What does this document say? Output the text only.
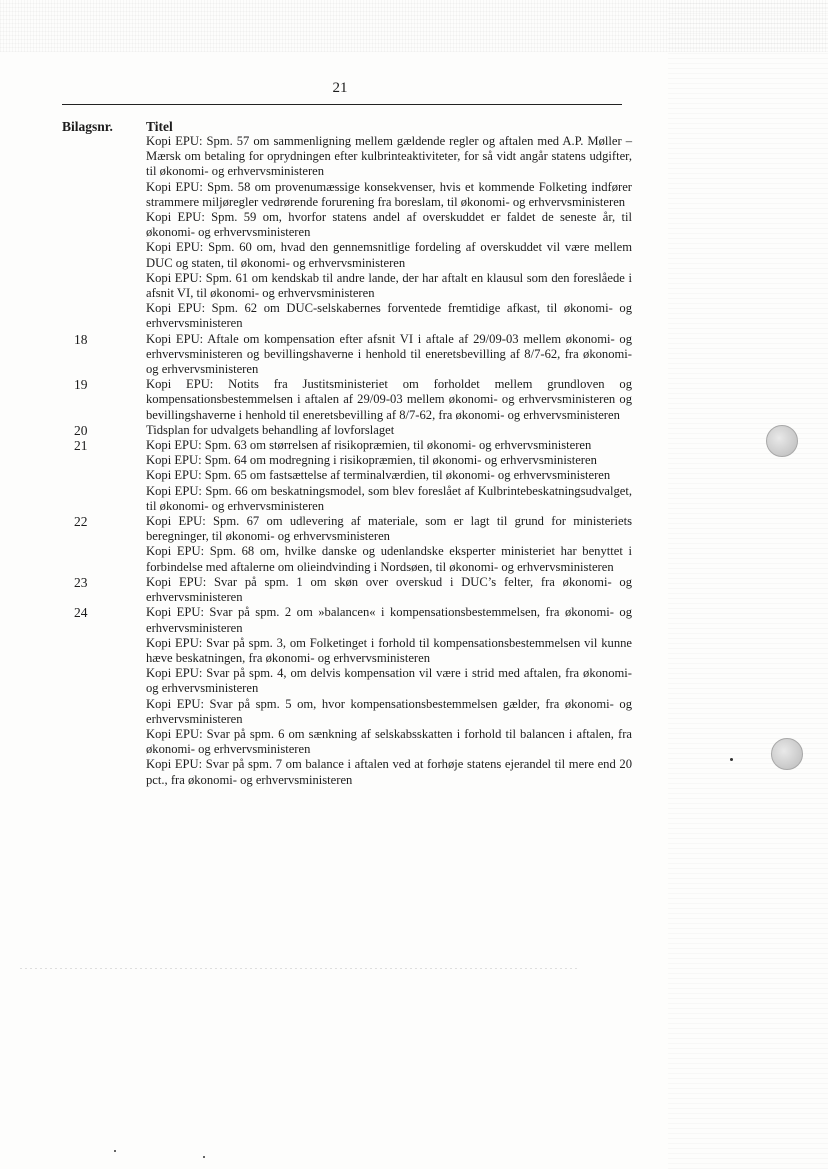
21
Bilagsnr. Titel
Kopi EPU: Spm. 57 om sammenligning mellem gældende regler og aftalen med A.P. Møller – Mærsk om betaling for oprydningen efter kulbrinteaktiviteter, for så vidt angår statens udgifter, til økonomi- og erhvervsministeren
Kopi EPU: Spm. 58 om provenumæssige konsekvenser, hvis et kommende Folketing indfører strammere miljøregler vedrørende forurening fra boreslam, til økonomi- og erhvervsministeren
Kopi EPU: Spm. 59 om, hvorfor statens andel af overskuddet er faldet de seneste år, til økonomi- og erhvervsministeren
Kopi EPU: Spm. 60 om, hvad den gennemsnitlige fordeling af overskuddet vil være mellem DUC og staten, til økonomi- og erhvervsministeren
Kopi EPU: Spm. 61 om kendskab til andre lande, der har aftalt en klausul som den foreslåede i afsnit VI, til økonomi- og erhvervsministeren
Kopi EPU: Spm. 62 om DUC-selskabernes forventede fremtidige afkast, til økonomi- og erhvervsministeren
18	Kopi EPU: Aftale om kompensation efter afsnit VI i aftale af 29/09-03 mellem økonomi- og erhvervsministeren og bevillingshaverne i henhold til eneretsbevilling af 8/7-62, fra økonomi- og erhvervsministeren
19	Kopi EPU: Notits fra Justitsministeriet om forholdet mellem grundloven og kompensationsbestemmelsen i aftalen af 29/09-03 mellem økonomi- og erhvervsministeren og bevillingshaverne i henhold til eneretsbevilling af 8/7-62, fra økonomi- og erhvervsministeren
20	Tidsplan for udvalgets behandling af lovforslaget
21	Kopi EPU: Spm. 63 om størrelsen af risikopræmien, til økonomi- og erhvervsministeren
Kopi EPU: Spm. 64 om modregning i risikopræmien, til økonomi- og erhvervsministeren
Kopi EPU: Spm. 65 om fastsættelse af terminalværdien, til økonomi- og erhvervsministeren
Kopi EPU: Spm. 66 om beskatningsmodel, som blev foreslået af Kulbrintebeskatningsudvalget, til økonomi- og erhvervsministeren
22	Kopi EPU: Spm. 67 om udlevering af materiale, som er lagt til grund for ministeriets beregninger, til økonomi- og erhvervsministeren
Kopi EPU: Spm. 68 om, hvilke danske og udenlandske eksperter ministeriet har benyttet i forbindelse med aftalerne om olieindvinding i Nordsøen, til økonomi- og erhvervsministeren
23	Kopi EPU: Svar på spm. 1 om skøn over overskud i DUC’s felter, fra økonomi- og erhvervsministeren
24	Kopi EPU: Svar på spm. 2 om »balancen« i kompensationsbestemmelsen, fra økonomi- og erhvervsministeren
Kopi EPU: Svar på spm. 3, om Folketinget i forhold til kompensationsbestemmelsen vil kunne hæve beskatningen, fra økonomi- og erhvervsministeren
Kopi EPU: Svar på spm. 4, om delvis kompensation vil være i strid med aftalen, fra økonomi- og erhvervsministeren
Kopi EPU: Svar på spm. 5 om, hvor kompensationsbestemmelsen gælder, fra økonomi- og erhvervsministeren
Kopi EPU: Svar på spm. 6 om sænkning af selskabsskatten i forhold til balancen i aftalen, fra økonomi- og erhvervsministeren
Kopi EPU: Svar på spm. 7 om balance i aftalen ved at forhøje statens ejerandel til mere end 20 pct., fra økonomi- og erhvervsministeren
